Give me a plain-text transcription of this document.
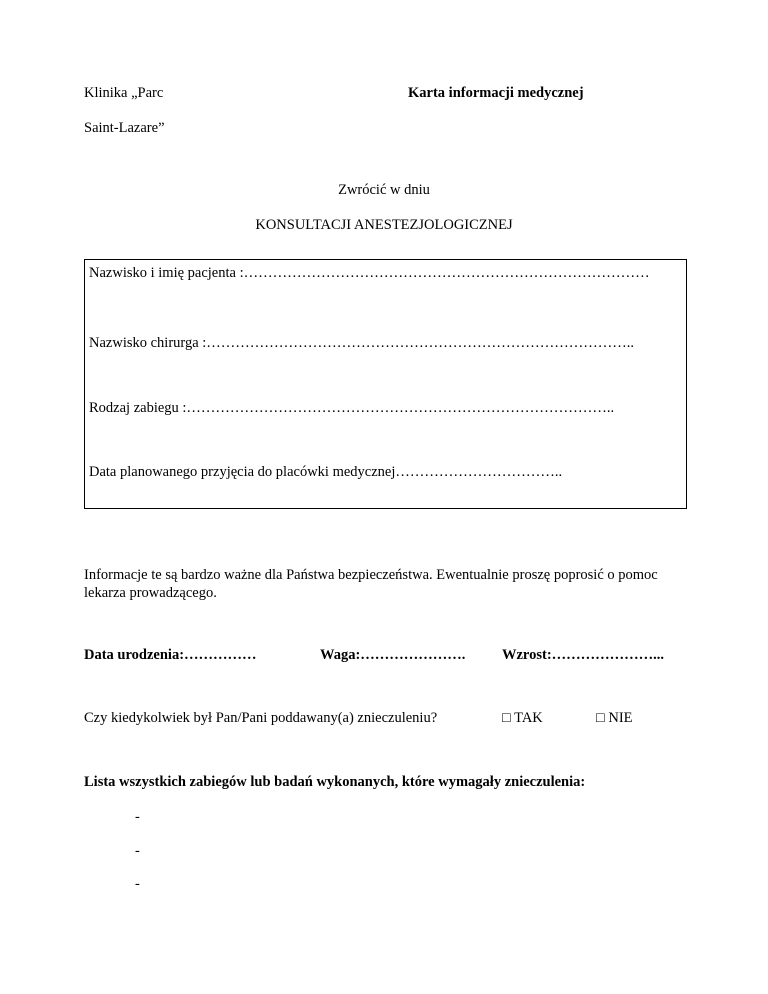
Klinika „Parc
Saint-Lazare”
Karta informacji medycznej
Zwrócić w dniu
KONSULTACJI ANESTEZJOLOGICZNEJ
Nazwisko i imię pacjenta :…………………………………………………………………………
Nazwisko chirurga :……………………………………………………………………………..
Rodzaj zabiegu :……………………………………………………………………………..
Data planowanego przyjęcia do placówki medycznej……………………………..
Informacje te są bardzo ważne dla Państwa bezpieczeństwa. Ewentualnie proszę poprosić o pomoc lekarza prowadzącego.
Data urodzenia:……………	Waga:………………….	Wzrost:…………………...
Czy kiedykolwiek był Pan/Pani poddawany(a) znieczuleniu?	□ TAK	□ NIE
Lista wszystkich zabiegów lub badań wykonanych, które wymagały znieczulenia:
-
-
-
